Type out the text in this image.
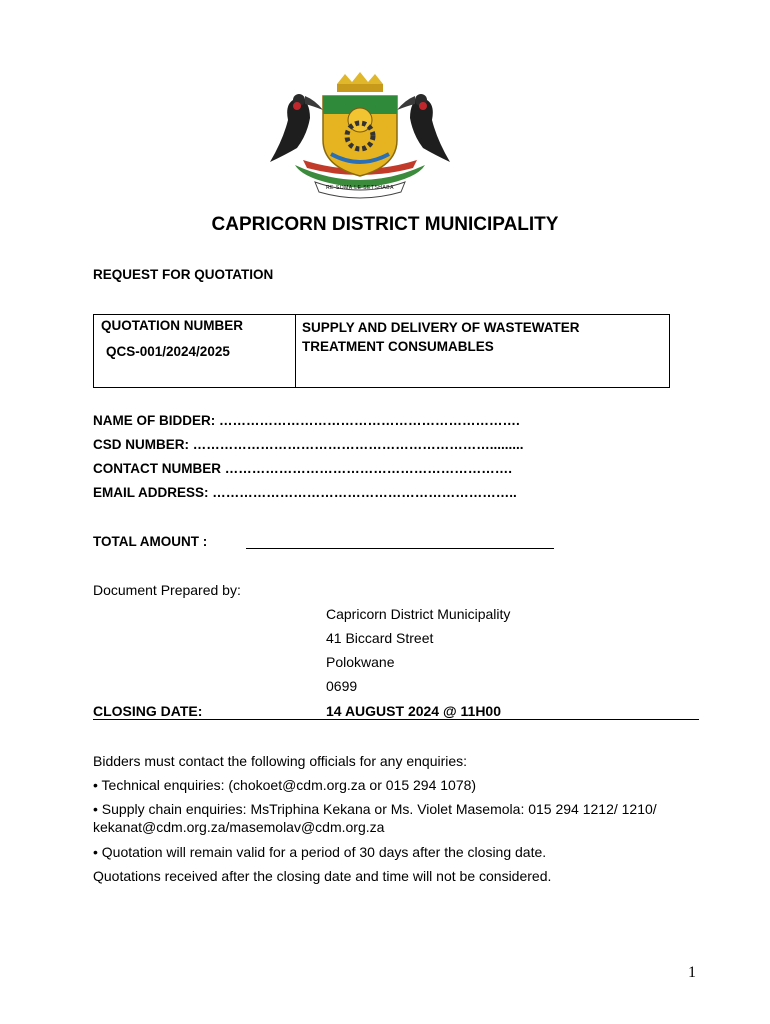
RE SOMA LE SETSHABA
CAPRICORN DISTRICT MUNICIPALITY
REQUEST FOR QUOTATION
QUOTATION NUMBER
QCS-001/2024/2025
SUPPLY AND DELIVERY OF WASTEWATER TREATMENT CONSUMABLES
NAME OF BIDDER: ………………………………………………………….
CSD NUMBER: ………………………………………………………….........
CONTACT NUMBER ……………………………………………………….
EMAIL ADDRESS: …………………………………………………………..
TOTAL AMOUNT :
Document Prepared by:
Capricorn District Municipality
41 Biccard Street
Polokwane
0699
CLOSING DATE:	14 AUGUST 2024 @ 11H00
Bidders must contact the following officials for any enquiries:
• Technical enquiries: (chokoet@cdm.org.za or 015 294 1078)
• Supply chain enquiries: MsTriphina Kekana or Ms. Violet Masemola: 015 294 1212/ 1210/ kekanat@cdm.org.za/masemolav@cdm.org.za
• Quotation will remain valid for a period of 30 days after the closing date.
Quotations received after the closing date and time will not be considered.
1
